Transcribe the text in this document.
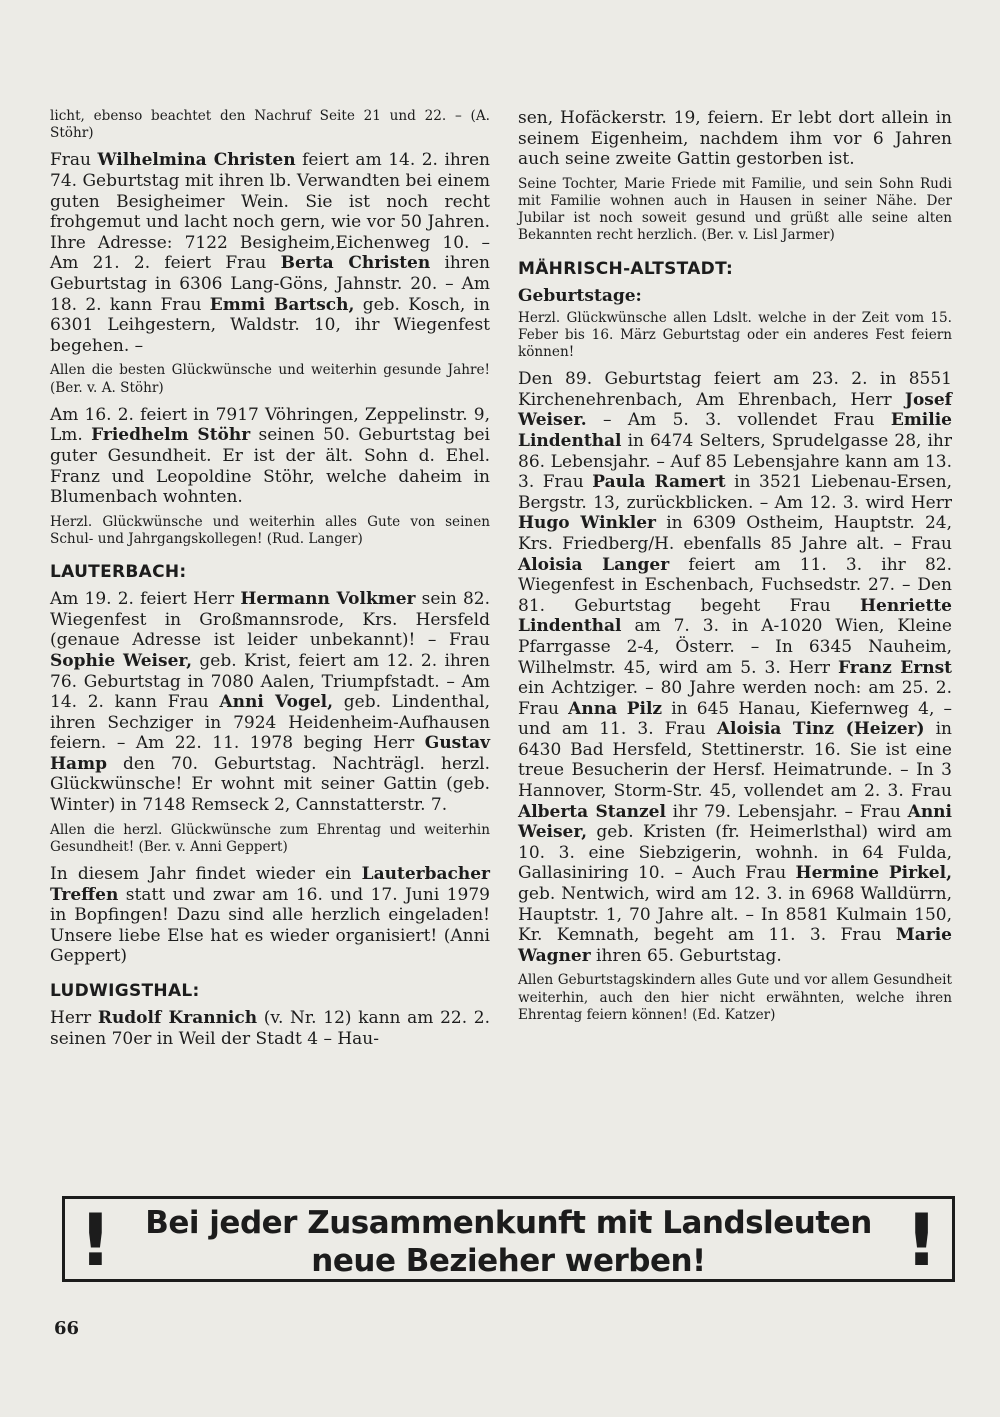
licht, ebenso beachtet den Nachruf Seite 21 und 22. – (A. Stöhr)

Frau Wilhelmina Christen feiert am 14. 2. ihren 74. Geburtstag mit ihren lb. Verwandten bei einem guten Besigheimer Wein. Sie ist noch recht frohgemut und lacht noch gern, wie vor 50 Jahren. Ihre Adresse: 7122 Besigheim,Eichenweg 10. – Am 21. 2. feiert Frau Berta Christen ihren Geburtstag in 6306 Lang-Göns, Jahnstr. 20. – Am 18. 2. kann Frau Emmi Bartsch, geb. Kosch, in 6301 Leihgestern, Waldstr. 10, ihr Wiegenfest begehen. –

Allen die besten Glückwünsche und weiterhin gesunde Jahre! (Ber. v. A. Stöhr)

Am 16. 2. feiert in 7917 Vöhringen, Zeppelinstr. 9, Lm. Friedhelm Stöhr seinen 50. Geburtstag bei guter Gesundheit. Er ist der ält. Sohn d. Ehel. Franz und Leopoldine Stöhr, welche daheim in Blumenbach wohnten.

Herzl. Glückwünsche und weiterhin alles Gute von seinen Schul- und Jahrgangskollegen! (Rud. Langer)

LAUTERBACH:

Am 19. 2. feiert Herr Hermann Volkmer sein 82. Wiegenfest in Großmannsrode, Krs. Hersfeld (genaue Adresse ist leider unbekannt)! – Frau Sophie Weiser, geb. Krist, feiert am 12. 2. ihren 76. Geburtstag in 7080 Aalen, Triumpfstadt. – Am 14. 2. kann Frau Anni Vogel, geb. Lindenthal, ihren Sechziger in 7924 Heidenheim-Aufhausen feiern. – Am 22. 11. 1978 beging Herr Gustav Hamp den 70. Geburtstag. Nachträgl. herzl. Glückwünsche! Er wohnt mit seiner Gattin (geb. Winter) in 7148 Remseck 2, Cannstatterstr. 7.

Allen die herzl. Glückwünsche zum Ehrentag und weiterhin Gesundheit! (Ber. v. Anni Geppert)

In diesem Jahr findet wieder ein Lauterbacher Treffen statt und zwar am 16. und 17. Juni 1979 in Bopfingen! Dazu sind alle herzlich eingeladen! Unsere liebe Else hat es wieder organisiert! (Anni Geppert)

LUDWIGSTHAL:

Herr Rudolf Krannich (v. Nr. 12) kann am 22. 2. seinen 70er in Weil der Stadt 4 – Hau-

sen, Hofäckerstr. 19, feiern. Er lebt dort allein in seinem Eigenheim, nachdem ihm vor 6 Jahren auch seine zweite Gattin gestorben ist.

Seine Tochter, Marie Friede mit Familie, und sein Sohn Rudi mit Familie wohnen auch in Hausen in seiner Nähe. Der Jubilar ist noch soweit gesund und grüßt alle seine alten Bekannten recht herzlich. (Ber. v. Lisl Jarmer)

MÄHRISCH-ALTSTADT:
Geburtstage:

Herzl. Glückwünsche allen Ldslt. welche in der Zeit vom 15. Feber bis 16. März Geburtstag oder ein anderes Fest feiern können!

Den 89. Geburtstag feiert am 23. 2. in 8551 Kirchenehrenbach, Am Ehrenbach, Herr Josef Weiser. – Am 5. 3. vollendet Frau Emilie Lindenthal in 6474 Selters, Sprudelgasse 28, ihr 86. Lebensjahr. – Auf 85 Lebensjahre kann am 13. 3. Frau Paula Ramert in 3521 Liebenau-Ersen, Bergstr. 13, zurückblicken. – Am 12. 3. wird Herr Hugo Winkler in 6309 Ostheim, Hauptstr. 24, Krs. Friedberg/H. ebenfalls 85 Jahre alt. – Frau Aloisia Langer feiert am 11. 3. ihr 82. Wiegenfest in Eschenbach, Fuchsedstr. 27. – Den 81. Geburtstag begeht Frau Henriette Lindenthal am 7. 3. in A-1020 Wien, Kleine Pfarrgasse 2-4, Österr. – In 6345 Nauheim, Wilhelmstr. 45, wird am 5. 3. Herr Franz Ernst ein Achtziger. – 80 Jahre werden noch: am 25. 2. Frau Anna Pilz in 645 Hanau, Kiefernweg 4, – und am 11. 3. Frau Aloisia Tinz (Heizer) in 6430 Bad Hersfeld, Stettinerstr. 16. Sie ist eine treue Besucherin der Hersf. Heimatrunde. – In 3 Hannover, Storm-Str. 45, vollendet am 2. 3. Frau Alberta Stanzel ihr 79. Lebensjahr. – Frau Anni Weiser, geb. Kristen (fr. Heimerlsthal) wird am 10. 3. eine Siebzigerin, wohnh. in 64 Fulda, Gallasiniring 10. – Auch Frau Hermine Pirkel, geb. Nentwich, wird am 12. 3. in 6968 Walldürrn, Hauptstr. 1, 70 Jahre alt. – In 8581 Kulmain 150, Kr. Kemnath, begeht am 11. 3. Frau Marie Wagner ihren 65. Geburtstag.

Allen Geburtstagskindern alles Gute und vor allem Gesundheit weiterhin, auch den hier nicht erwähnten, welche ihren Ehrentag feiern können! (Ed. Katzer)

!	Bei jeder Zusammenkunft mit Landsleuten
neue Bezieher werben!	!
66
